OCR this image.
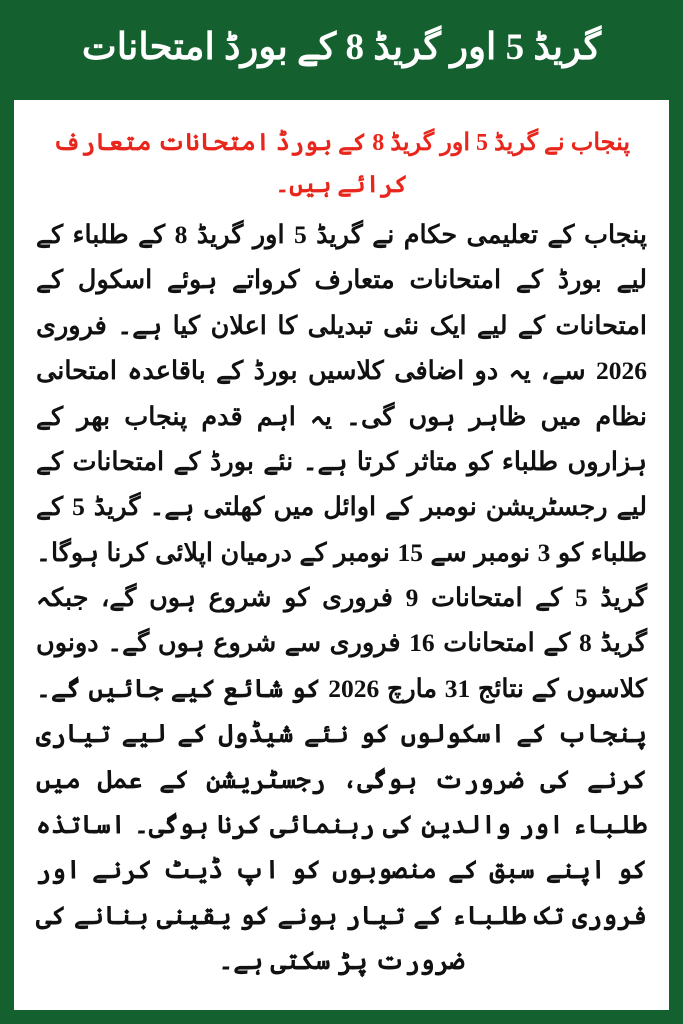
گریڈ 5 اور گریڈ 8 کے بورڈ امتحانات

پنجاب نے گریڈ 5 اور گریڈ 8 کے بورڈ امتحانات متعارف کرائے ہیں۔

پنجاب کے تعلیمی حکام نے گریڈ 5 اور گریڈ 8 کے طلباء کے لیے بورڈ کے امتحانات متعارف کرواتے ہوئے اسکول کے امتحانات کے لیے ایک نئی تبدیلی کا اعلان کیا ہے۔ فروری 2026 سے، یہ دو اضافی کلاسیں بورڈ کے باقاعدہ امتحانی نظام میں ظاہر ہوں گی۔ یہ اہم قدم پنجاب بھر کے ہزاروں طلباء کو متاثر کرتا ہے۔ نئے بورڈ کے امتحانات کے لیے رجسٹریشن نومبر کے اوائل میں کھلتی ہے۔ گریڈ 5 کے طلباء کو 3 نومبر سے 15 نومبر کے درمیان اپلائی کرنا ہوگا۔ گریڈ 5 کے امتحانات 9 فروری کو شروع ہوں گے، جبکہ گریڈ 8 کے امتحانات 16 فروری سے شروع ہوں گے۔ دونوں کلاسوں کے نتائج 31 مارچ 2026 کو شائع کیے جائیں گے۔ پنجاب کے اسکولوں کو نئے شیڈول کے لیے تیاری کرنے کی ضرورت ہوگی، رجسٹریشن کے عمل میں طلباء اور والدین کی رہنمائی کرنا ہوگی۔ اساتذہ کو اپنے سبق کے منصوبوں کو اپ ڈیٹ کرنے اور فروری تک طلباء کے تیار ہونے کو یقینی بنانے کی ضرورت پڑ سکتی ہے۔
